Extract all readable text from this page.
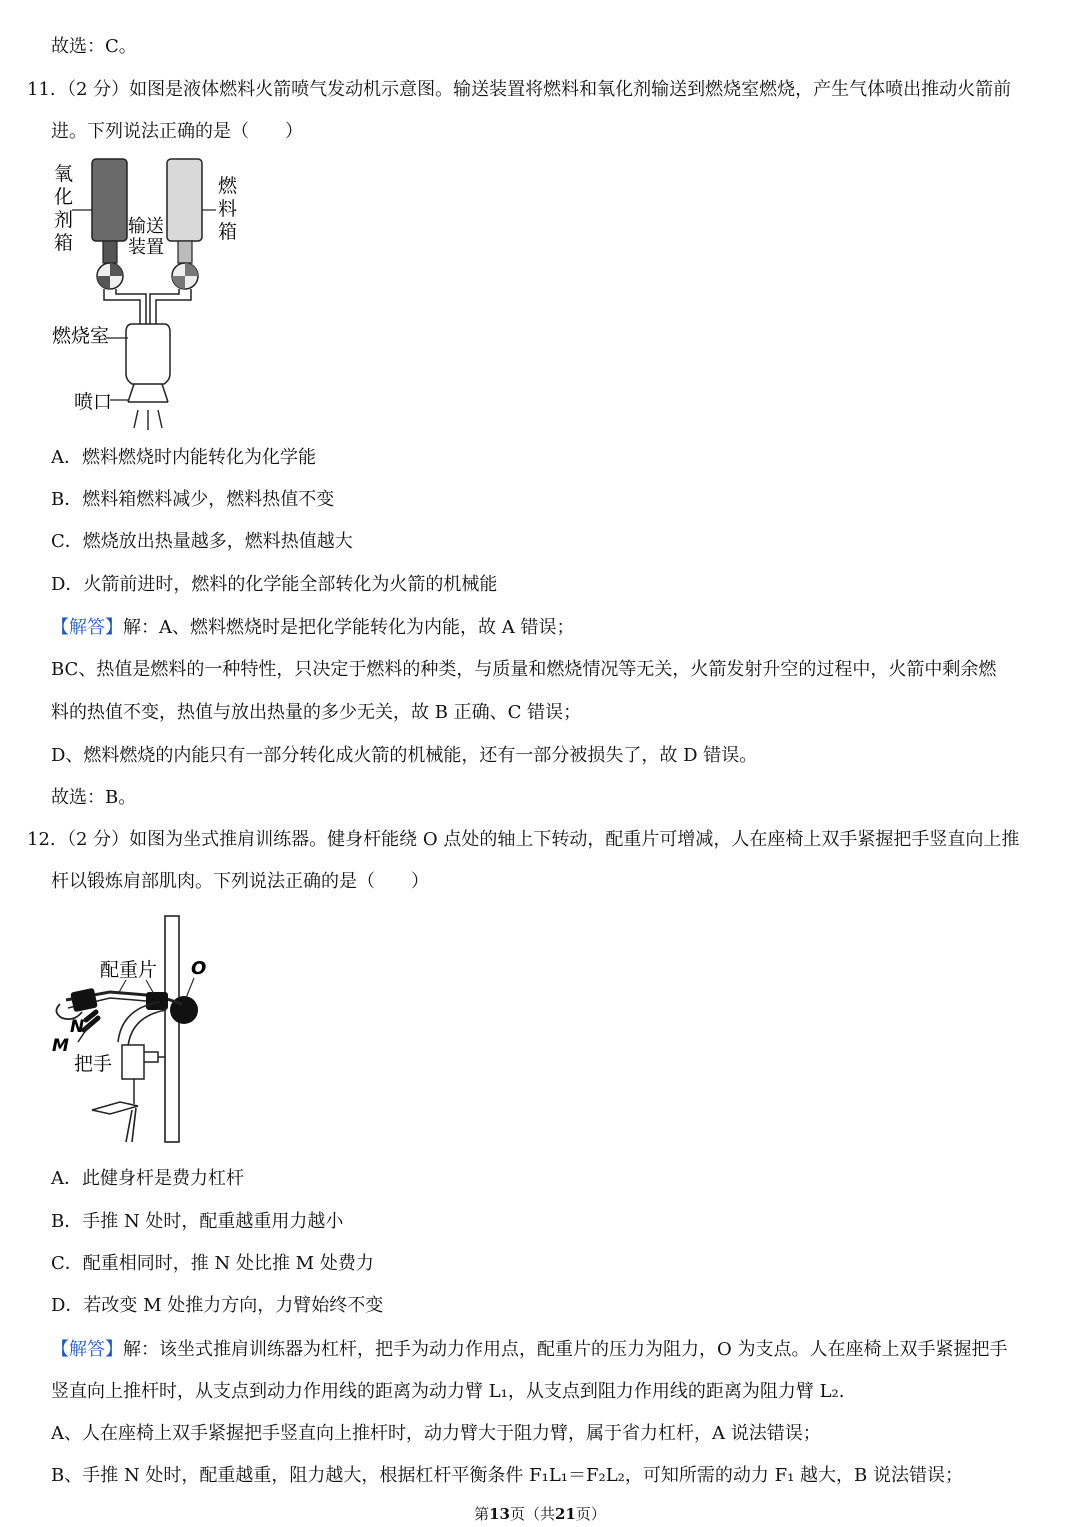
故选：C。
11. （2 分）如图是液体燃料火箭喷气发动机示意图。输送装置将燃料和氧化剂输送到燃烧室燃烧，产生气体喷出推动火箭前
进。下列说法正确的是（　　）
氧
化
剂
箱
燃
料
箱
输送
装置
燃烧室
喷口
A．燃料燃烧时内能转化为化学能
B．燃料箱燃料减少，燃料热值不变
C．燃烧放出热量越多，燃料热值越大
D．火箭前进时，燃料的化学能全部转化为火箭的机械能
【解答】解：A、燃料燃烧时是把化学能转化为内能，故 A 错误；
BC、热值是燃料的一种特性，只决定于燃料的种类，与质量和燃烧情况等无关，火箭发射升空的过程中，火箭中剩余燃
料的热值不变，热值与放出热量的多少无关，故 B 正确、C 错误；
D、燃料燃烧的内能只有一部分转化成火箭的机械能，还有一部分被损失了，故 D 错误。
故选：B。
12. （2 分）如图为坐式推肩训练器。健身杆能绕 O 点处的轴上下转动，配重片可增减，人在座椅上双手紧握把手竖直向上推
杆以锻炼肩部肌肉。下列说法正确的是（　　）
配重片 O
N
M
把手
A．此健身杆是费力杠杆
B．手推 N 处时，配重越重用力越小
C．配重相同时，推 N 处比推 M 处费力
D．若改变 M 处推力方向，力臂始终不变
【解答】解：该坐式推肩训练器为杠杆，把手为动力作用点，配重片的压力为阻力，O 为支点。人在座椅上双手紧握把手
竖直向上推杆时，从支点到动力作用线的距离为动力臂 L₁，从支点到阻力作用线的距离为阻力臂 L₂.
A、人在座椅上双手紧握把手竖直向上推杆时，动力臂大于阻力臂，属于省力杠杆，A 说法错误；
B、手推 N 处时，配重越重，阻力越大，根据杠杆平衡条件 F₁L₁＝F₂L₂，可知所需的动力 F₁ 越大，B 说法错误；
第13页（共21页）
